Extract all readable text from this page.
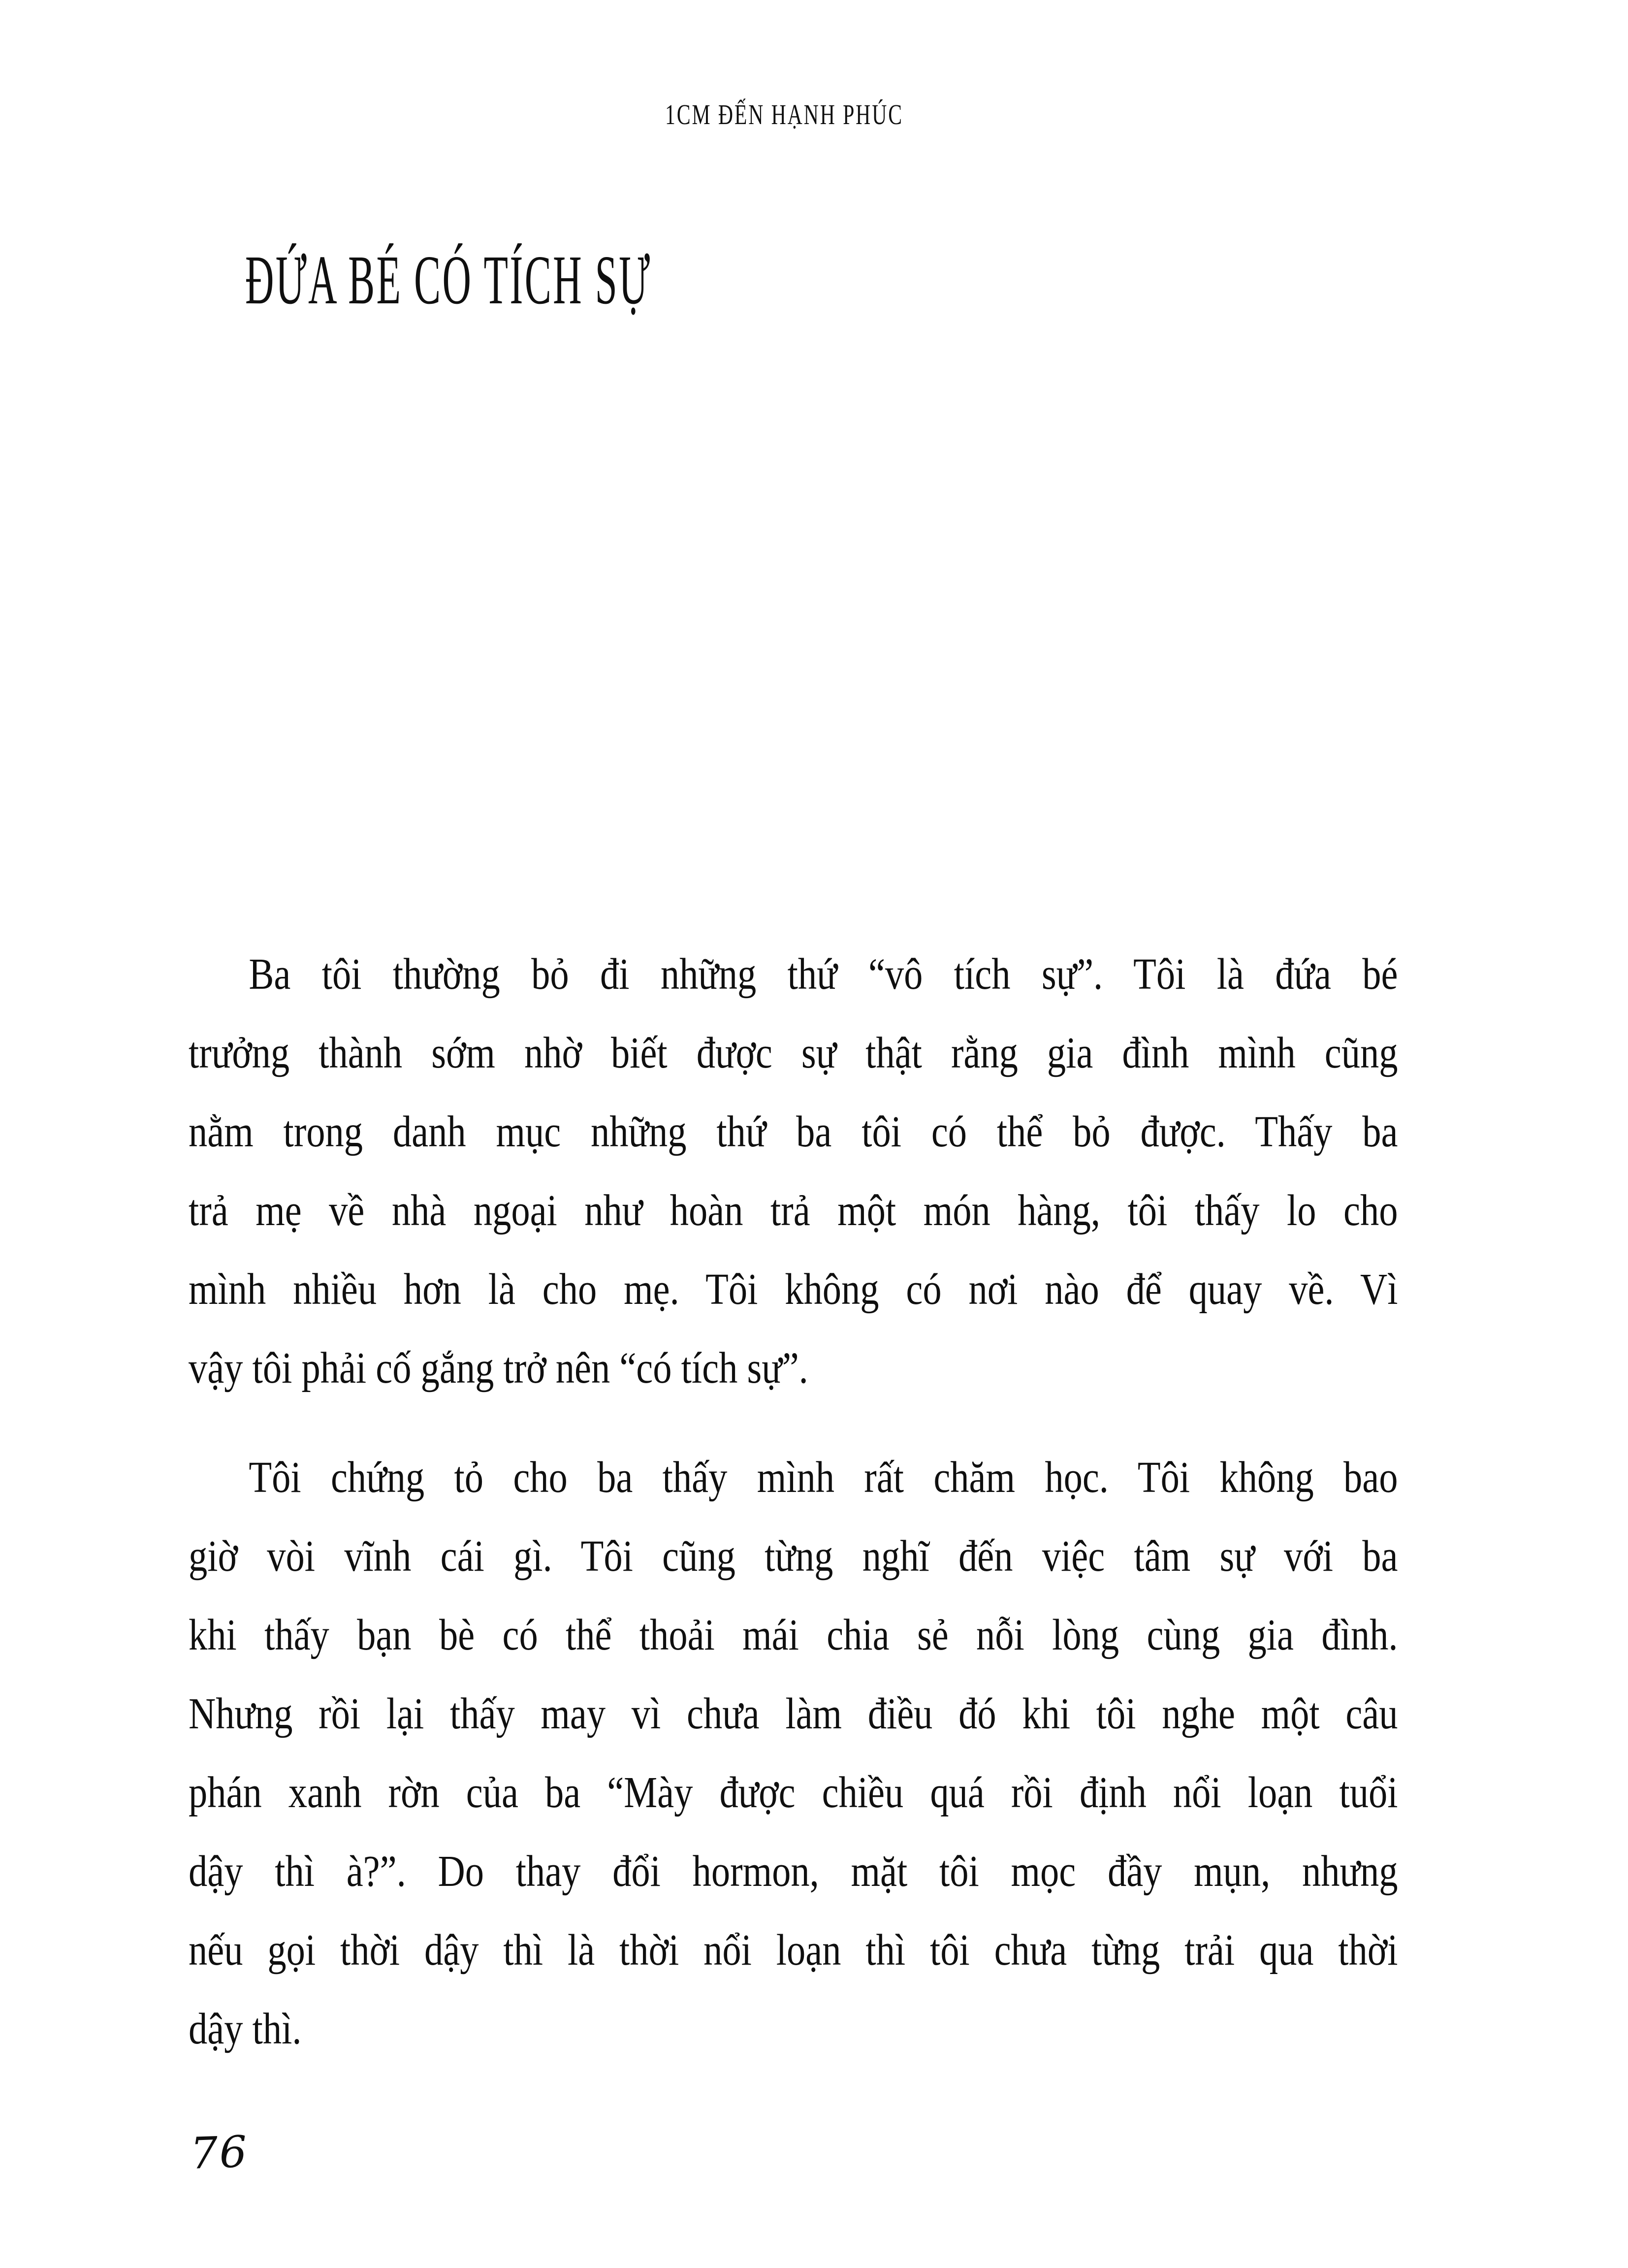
1CM ĐẾN HẠNH PHÚC
ĐỨA BÉ CÓ TÍCH SỰ
Ba tôi thường bỏ đi những thứ “vô tích sự”. Tôi là đứa bé
trưởng thành sớm nhờ biết được sự thật rằng gia đình mình cũng
nằm trong danh mục những thứ ba tôi có thể bỏ được. Thấy ba
trả mẹ về nhà ngoại như hoàn trả một món hàng, tôi thấy lo cho
mình nhiều hơn là cho mẹ. Tôi không có nơi nào để quay về. Vì
vậy tôi phải cố gắng trở nên “có tích sự”.
Tôi chứng tỏ cho ba thấy mình rất chăm học. Tôi không bao
giờ vòi vĩnh cái gì. Tôi cũng từng nghĩ đến việc tâm sự với ba
khi thấy bạn bè có thể thoải mái chia sẻ nỗi lòng cùng gia đình.
Nhưng rồi lại thấy may vì chưa làm điều đó khi tôi nghe một câu
phán xanh rờn của ba “Mày được chiều quá rồi định nổi loạn tuổi
dậy thì à?”. Do thay đổi hormon, mặt tôi mọc đầy mụn, nhưng
nếu gọi thời dậy thì là thời nổi loạn thì tôi chưa từng trải qua thời
dậy thì.
76
